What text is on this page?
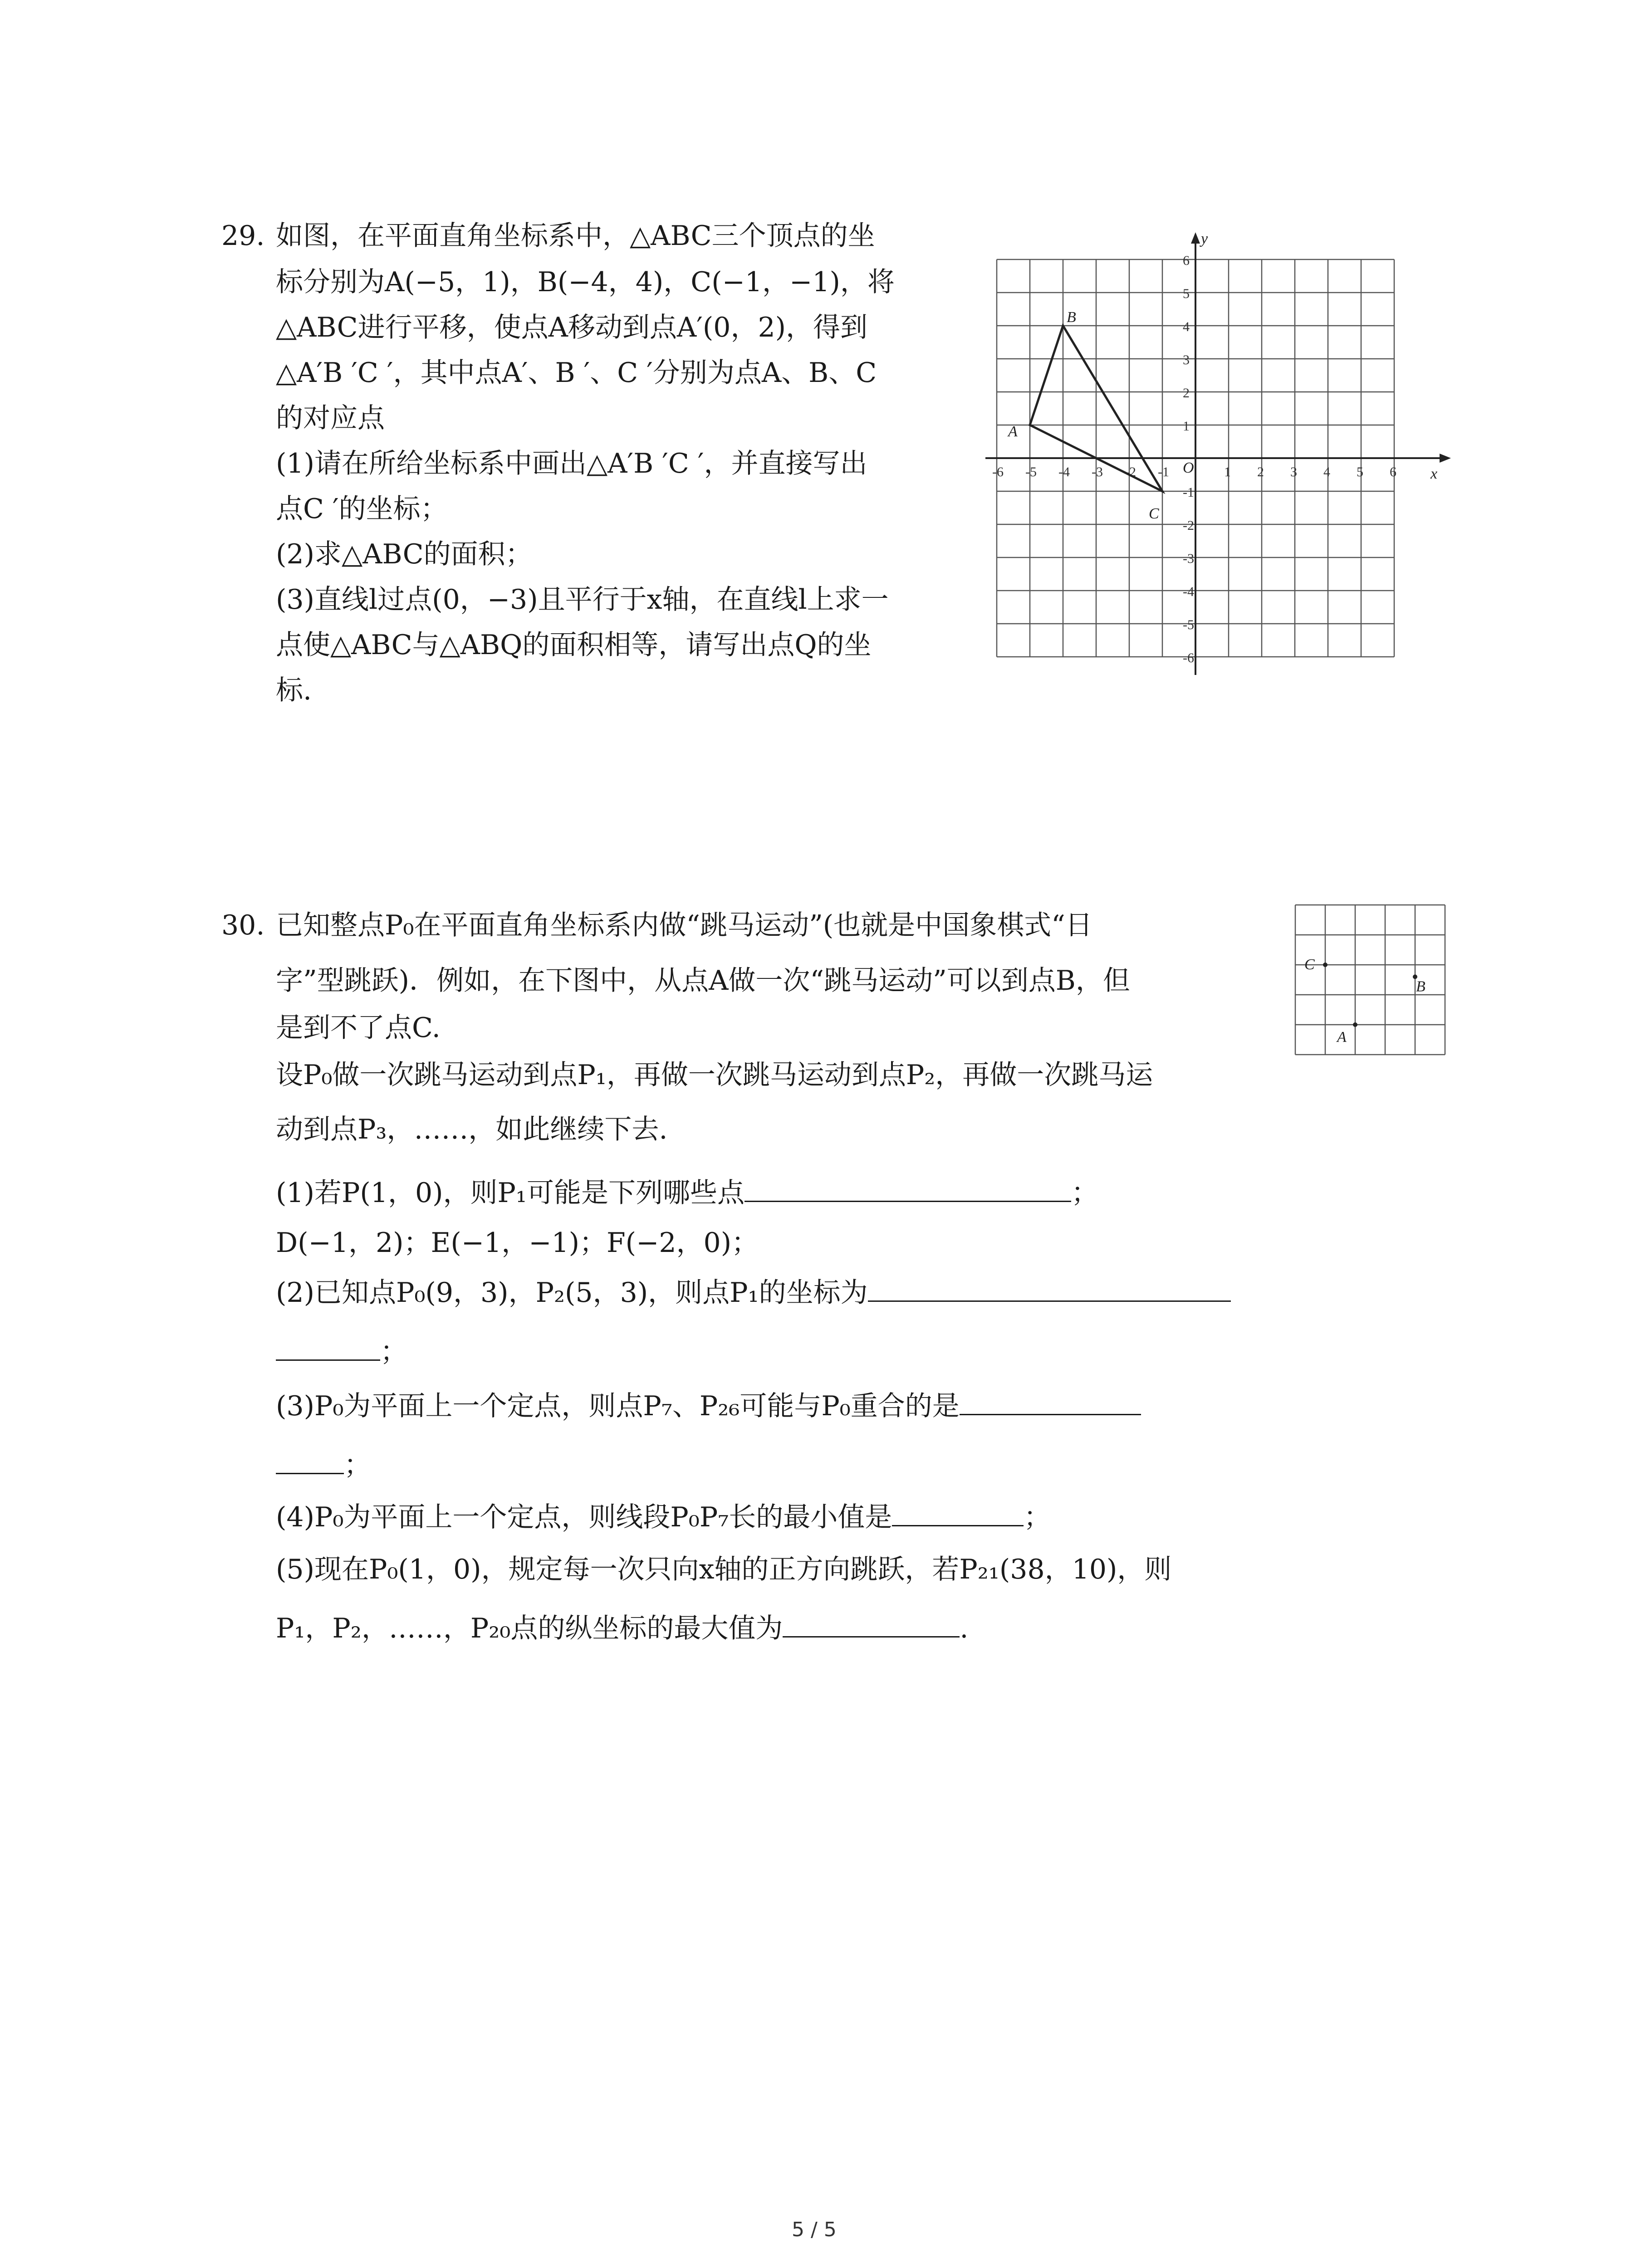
29. 如图，在平面直角坐标系中，△ABC三个顶点的坐
标分别为A(−5，1)，B(−4，4)，C(−1，−1)，将
△ABC进行平移，使点A移动到点A′(0，2)，得到
△A′B ′C ′，其中点A′、B ′、C ′分别为点A、B、C
的对应点
(1)请在所给坐标系中画出△A′B ′C ′，并直接写出
点C ′的坐标；
(2)求△ABC的面积；
(3)直线l过点(0，−3)且平行于x轴，在直线l上求一
点使△ABC与△ABQ的面积相等，请写出点Q的坐
标.
x
y
O
-6 -5 -4 -3 -2 -1	1 2 3 4 5 6
6
5
4
3
2
1
-1
-2
-3
-4
-5
-6
A
B
C
30. 已知整点P₀在平面直角坐标系内做“跳马运动”(也就是中国象棋式“日
字”型跳跃)．例如，在下图中，从点A做一次“跳马运动”可以到点B，但
是到不了点C.
设P₀做一次跳马运动到点P₁，再做一次跳马运动到点P₂，再做一次跳马运
动到点P₃，……，如此继续下去.
C
B
A
(1)若P(1，0)，则P₁可能是下列哪些点	；
D(−1，2)；E(−1，−1)；F(−2，0)；
(2)已知点P₀(9，3)，P₂(5，3)，则点P₁的坐标为
；
(3)P₀为平面上一个定点，则点P₇、P₂₆可能与P₀重合的是
；
(4)P₀为平面上一个定点，则线段P₀P₇长的最小值是	；
(5)现在P₀(1，0)，规定每一次只向x轴的正方向跳跃，若P₂₁(38，10)，则
P₁，P₂，……，P₂₀点的纵坐标的最大值为	.
5 / 5
